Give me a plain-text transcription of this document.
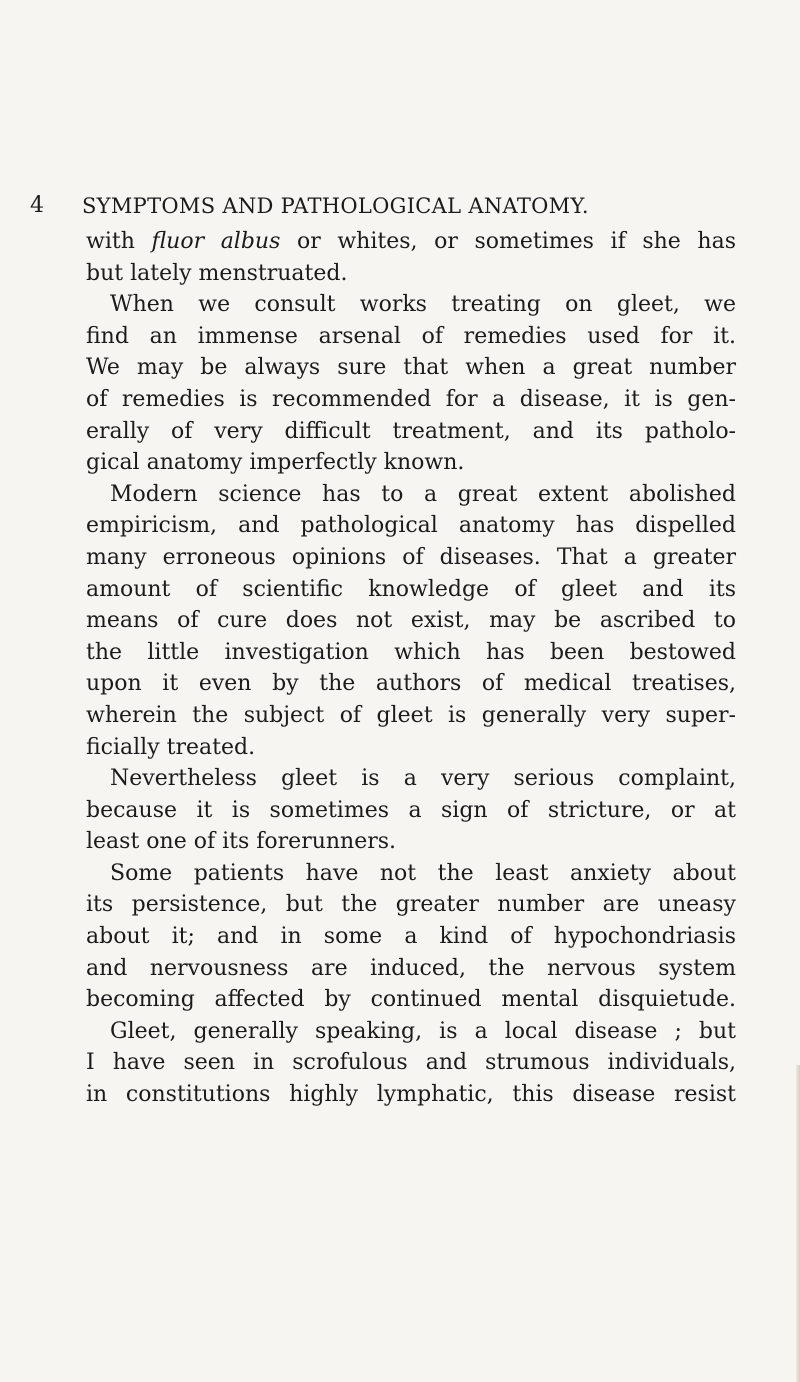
4 SYMPTOMS AND PATHOLOGICAL ANATOMY.
with fluor albus or whites, or sometimes if she has
but lately menstruated.
When we consult works treating on gleet, we
find an immense arsenal of remedies used for it.
We may be always sure that when a great number
of remedies is recommended for a disease, it is gen-
erally of very difficult treatment, and its patholo-
gical anatomy imperfectly known.
Modern science has to a great extent abolished
empiricism, and pathological anatomy has dispelled
many erroneous opinions of diseases. That a greater
amount of scientific knowledge of gleet and its
means of cure does not exist, may be ascribed to
the little investigation which has been bestowed
upon it even by the authors of medical treatises,
wherein the subject of gleet is generally very super-
ficially treated.
Nevertheless gleet is a very serious complaint,
because it is sometimes a sign of stricture, or at
least one of its forerunners.
Some patients have not the least anxiety about
its persistence, but the greater number are uneasy
about it; and in some a kind of hypochondriasis
and nervousness are induced, the nervous system
becoming affected by continued mental disquietude.
Gleet, generally speaking, is a local disease ; but
I have seen in scrofulous and strumous individuals,
in constitutions highly lymphatic, this disease resist
